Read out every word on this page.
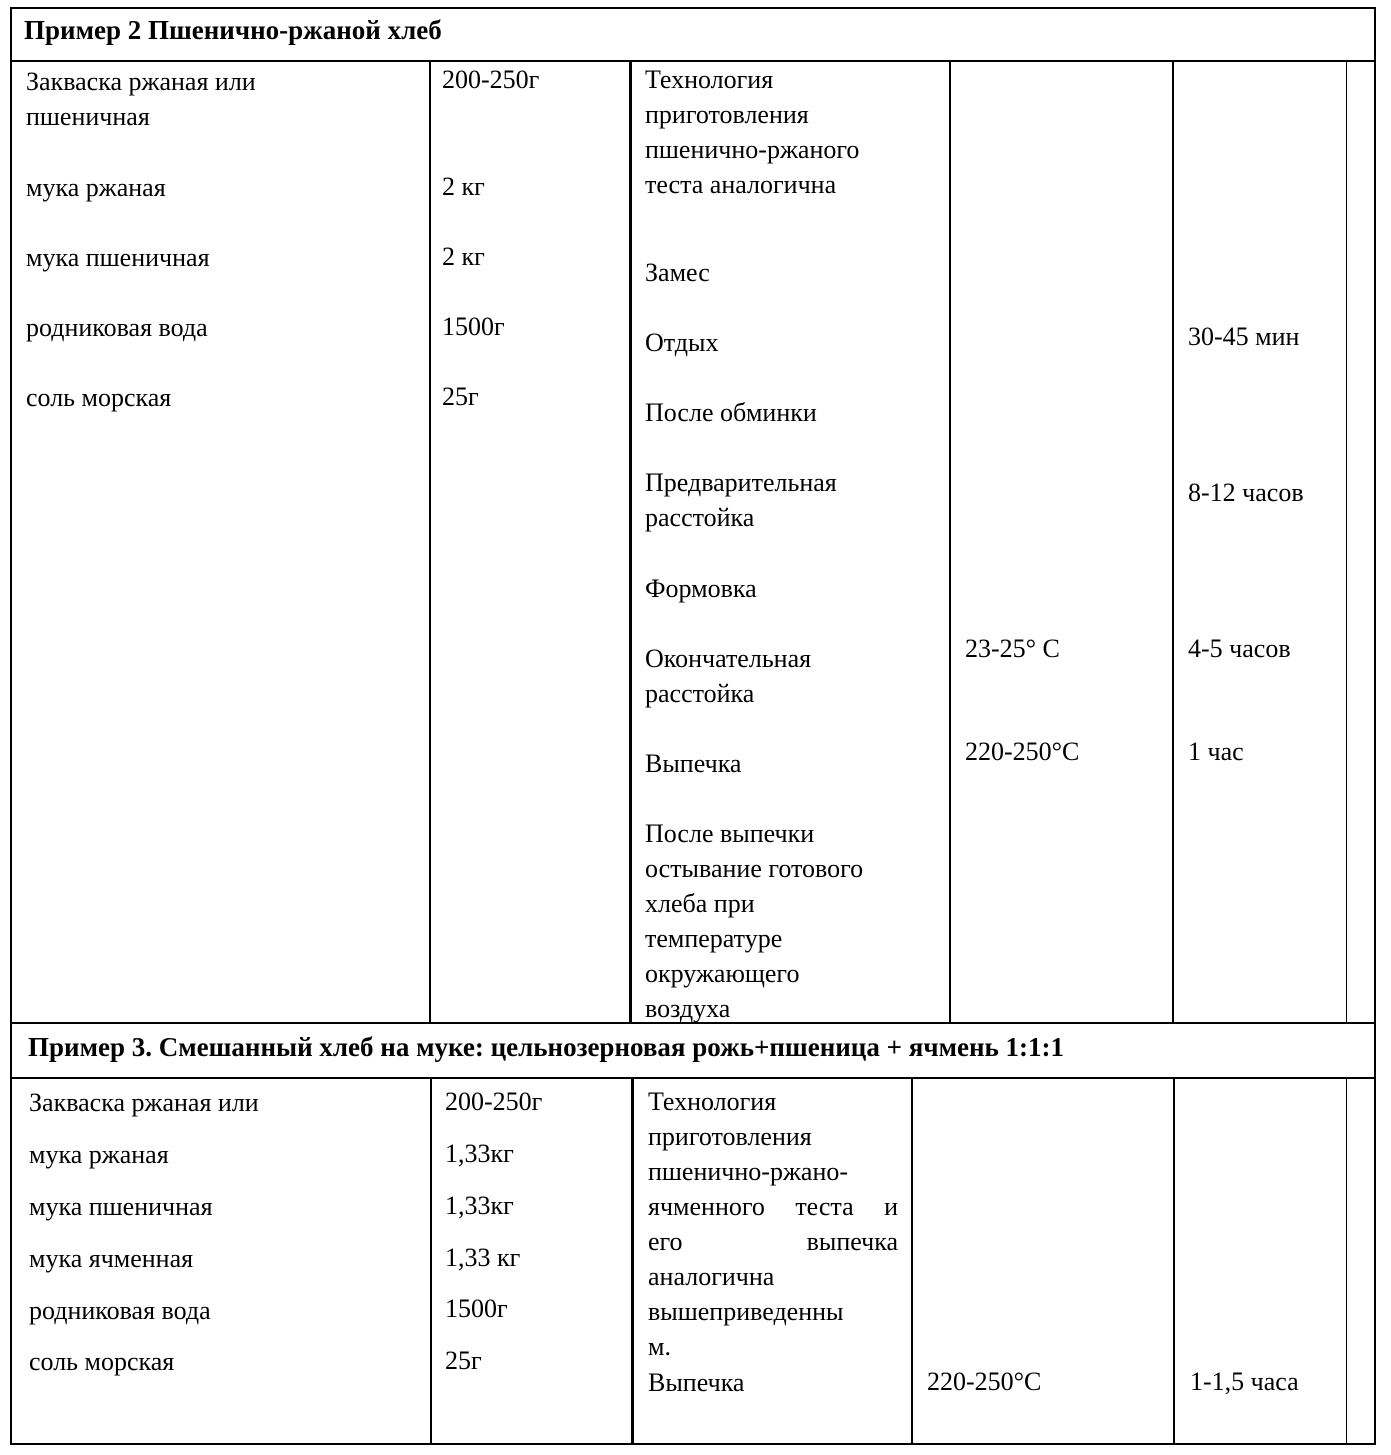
Пример 2 Пшенично-ржаной хлеб

Закваска ржаная или

пшеничная

мука ржаная
мука пшеничная
родниковая вода
соль морская
200-250г
2 кг
2 кг
1500г
25г

Технология

приготовления

пшенично-ржаного

теста аналогична

Замес
Отдых
После обминки

Предварительная

расстойка

Формовка

Окончательная

расстойка

Выпечка

После выпечки

остывание готового

хлеба при

температуре

окружающего

воздуха

23-25° C
220-250°C
30-45 мин
8-12 часов
4-5 часов
1 час
Пример 3. Смешанный хлеб на муке: цельнозерновая рожь+пшеница + ячмень 1:1:1
Закваска ржаная или
мука ржаная
мука пшеничная
мука ячменная
родниковая вода
соль морская
200-250г
1,33кг
1,33кг
1,33 кг
1500г
25г

Технология

приготовления

пшенично-ржано-

ячменного теста и

его выпечка

аналогична

вышеприведенны

м.

Выпечка	220-250°C	1-1,5 часа
